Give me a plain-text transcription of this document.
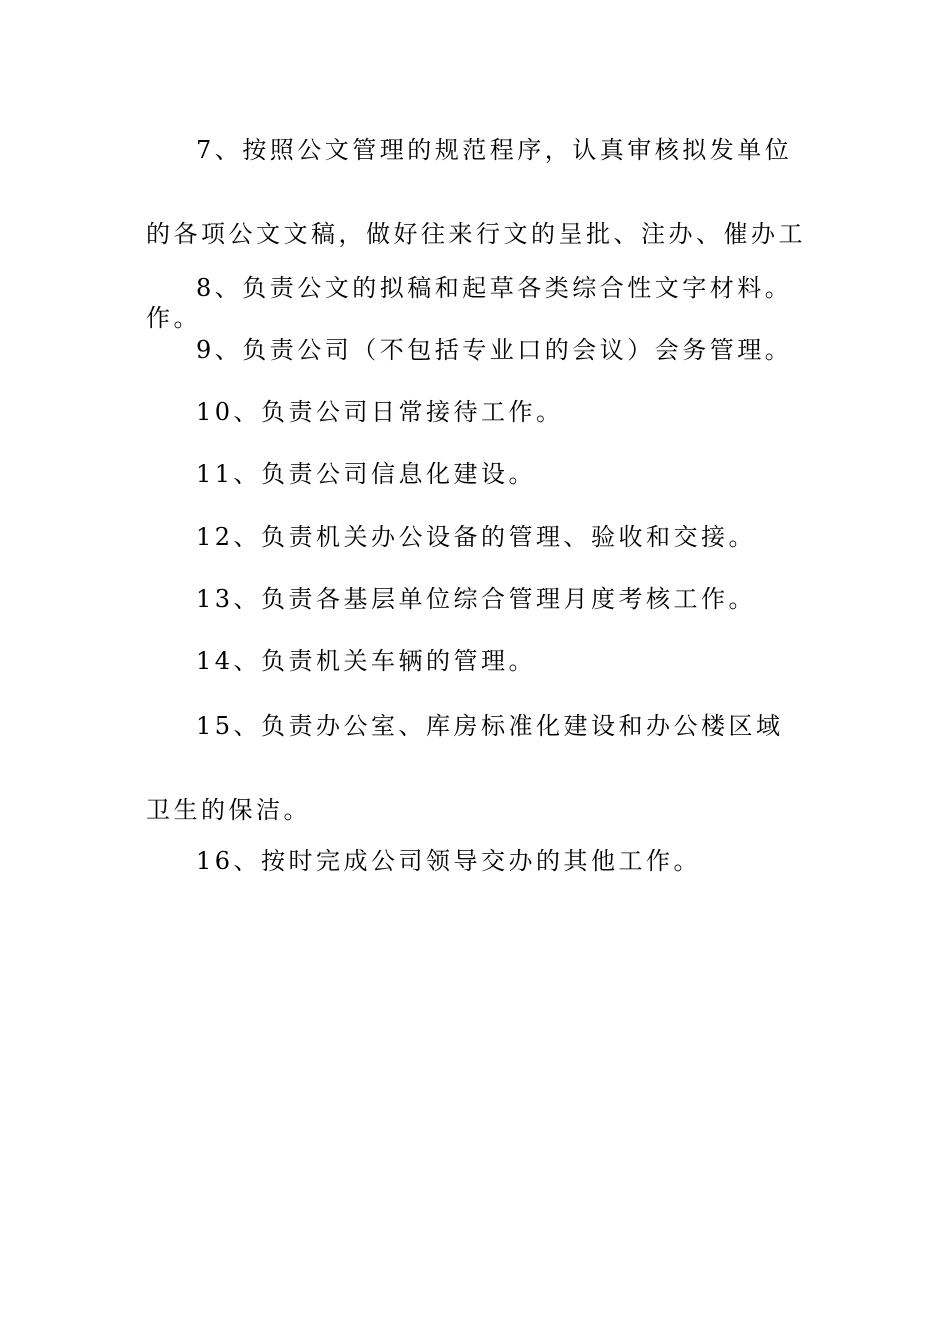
7、按照公文管理的规范程序，认真审核拟发单位的各项公文文稿，做好往来行文的呈批、注办、催办工作。

8、负责公文的拟稿和起草各类综合性文字材料。

9、负责公司（不包括专业口的会议）会务管理。

10、负责公司日常接待工作。

11、负责公司信息化建设。

12、负责机关办公设备的管理、验收和交接。

13、负责各基层单位综合管理月度考核工作。

14、负责机关车辆的管理。

15、负责办公室、库房标准化建设和办公楼区域卫生的保洁。

16、按时完成公司领导交办的其他工作。
